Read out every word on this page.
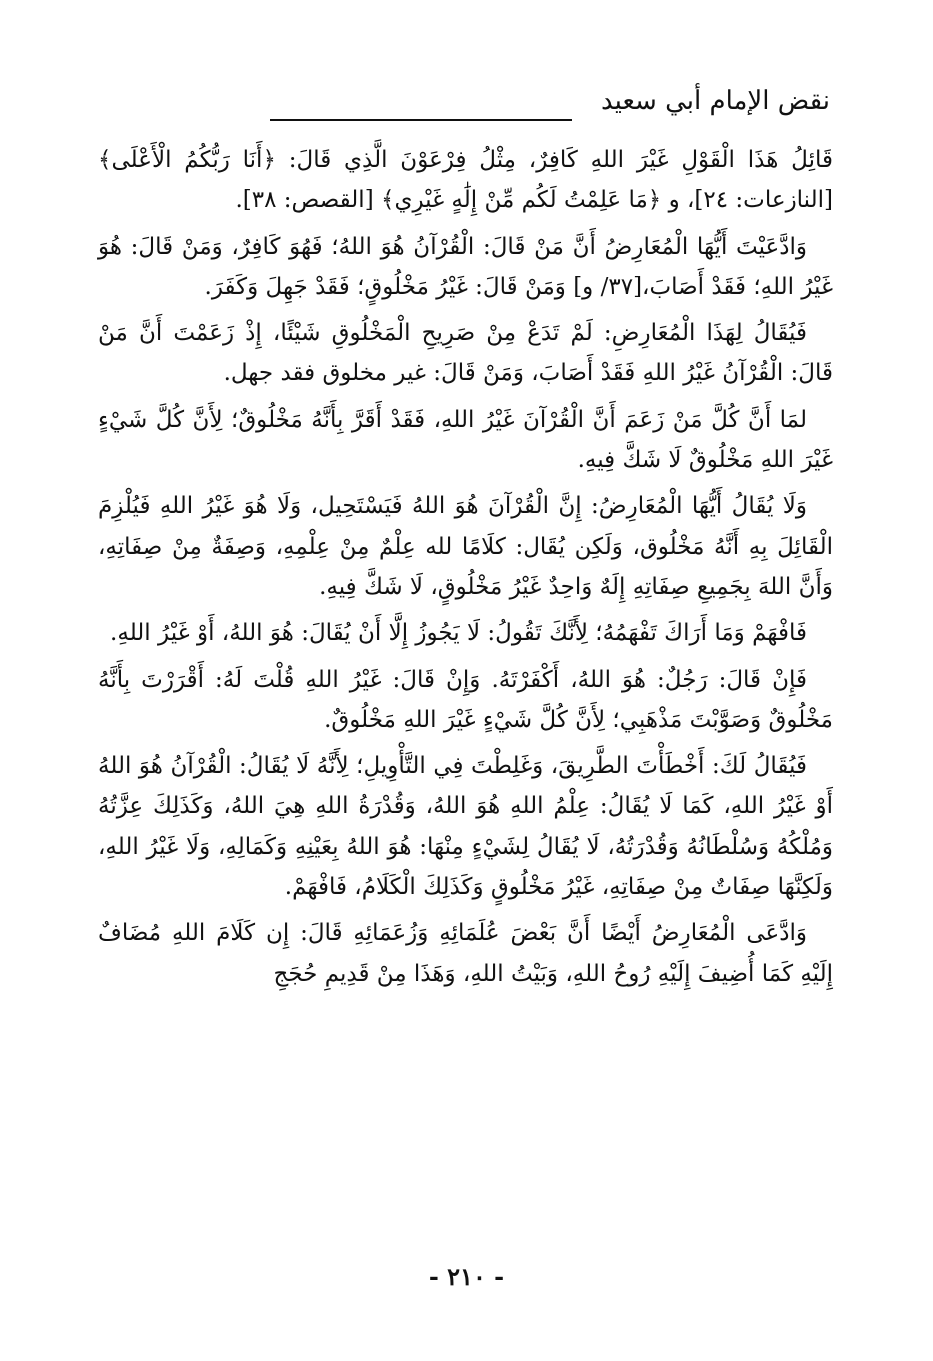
نقض الإمام أبي سعيد

قَائِلُ هَذَا الْقَوْلِ غَيْرَ اللهِ كَافِرٌ، مِثْلُ فِرْعَوْنَ الَّذِي قَالَ: ﴿أَنَا رَبُّكُمُ الْأَعْلَى﴾ [النازعات: ٢٤]، و ﴿مَا عَلِمْتُ لَكُم مِّنْ إِلَٰهٍ غَيْرِي﴾ [القصص: ٣٨].

وَادَّعَيْتَ أَيُّهَا الْمُعَارِضُ أَنَّ مَنْ قَالَ: الْقُرْآنُ هُوَ اللهُ؛ فَهُوَ كَافِرٌ، وَمَنْ قَالَ: هُوَ غَيْرُ اللهِ؛ فَقَدْ أَصَابَ،[٣٧/ و] وَمَنْ قَالَ: غَيْرُ مَخْلُوقٍ؛ فَقَدْ جَهِلَ وَكَفَرَ.

فَيُقَالُ لِهَذَا الْمُعَارِضِ: لَمْ تَدَعْ مِنْ صَرِيحِ الْمَخْلُوقِ شَيْئًا، إِذْ زَعَمْتَ أَنَّ مَنْ قَالَ: الْقُرْآنُ غَيْرُ اللهِ فَقَدْ أَصَابَ، وَمَنْ قَالَ: غير مخلوق فقد جهل.

لمَا أَنَّ كُلَّ مَنْ زَعَمَ أَنَّ الْقُرْآنَ غَيْرُ اللهِ، فَقَدْ أَقَرَّ بِأَنَّهُ مَخْلُوقٌ؛ لِأَنَّ كُلَّ شَيْءٍ غَيْرَ اللهِ مَخْلُوقٌ لَا شَكَّ فِيهِ.

وَلَا يُقَالُ أَيُّهَا الْمُعَارِضُ: إِنَّ الْقُرْآنَ هُوَ اللهُ فَيَسْتَحِيل، وَلَا هُوَ غَيْرُ اللهِ فَيُلْزِمَ الْقَائِلَ بِهِ أَنَّهُ مَخْلُوق، وَلَكِن يُقَال: كلَامًا لله عِلْمٌ مِنْ عِلْمِهِ، وَصِفَةٌ مِنْ صِفَاتِهِ، وَأَنَّ اللهَ بِجَمِيعِ صِفَاتِهِ إِلَهٌ وَاحِدٌ غَيْرُ مَخْلُوقٍ، لَا شَكَّ فِيهِ.

فَافْهَمْ وَمَا أَرَاكَ تَفْهَمُهُ؛ لِأَنَّكَ تَقُولُ: لَا يَجُوزُ إِلَّا أَنْ يُقَالَ: هُوَ اللهُ، أَوْ غَيْرُ اللهِ.

فَإِنْ قَالَ: رَجُلٌ: هُوَ اللهُ، أَكْفَرْتَهُ. وَإِنْ قَالَ: غَيْرُ اللهِ قُلْتَ لَهُ: أَقْرَرْتَ بِأَنَّهُ مَخْلُوقٌ وَصَوَّبْتَ مَذْهَبِي؛ لِأَنَّ كُلَّ شَيْءٍ غَيْرَ اللهِ مَخْلُوقٌ.

فَيُقَالُ لَكَ: أَخْطَأْتَ الطَّرِيقَ، وَغَلِطْتَ فِي التَّأْوِيلِ؛ لِأَنَّهُ لَا يُقَالُ: الْقُرْآنُ هُوَ اللهُ أَوْ غَيْرُ اللهِ، كَمَا لَا يُقَالُ: عِلْمُ اللهِ هُوَ اللهُ، وَقُدْرَةُ اللهِ هِيَ اللهُ، وَكَذَلِكَ عِزَّتُهُ وَمُلْكُهُ وَسُلْطَانُهُ وَقُدْرَتُهُ، لَا يُقَالُ لِشَيْءٍ مِنْهَا: هُوَ اللهُ بِعَيْنِهِ وَكَمَالِهِ، وَلَا غَيْرُ اللهِ، وَلَكِنَّهَا صِفَاتٌ مِنْ صِفَاتِهِ، غَيْرُ مَخْلُوقٍ وَكَذَلِكَ الْكَلَامُ، فَافْهَمْ.

وَادَّعَى الْمُعَارِضُ أَيْضًا أَنَّ بَعْضَ عُلَمَائِهِ وَزُعَمَائِهِ قَالَ: إِن كَلَامَ اللهِ مُضَافٌ إِلَيْهِ كَمَا أُضِيفَ إِلَيْهِ رُوحُ اللهِ، وَبَيْتُ اللهِ، وَهَذَا مِنْ قَدِيمِ حُجَجِ

- ٢١٠ -
